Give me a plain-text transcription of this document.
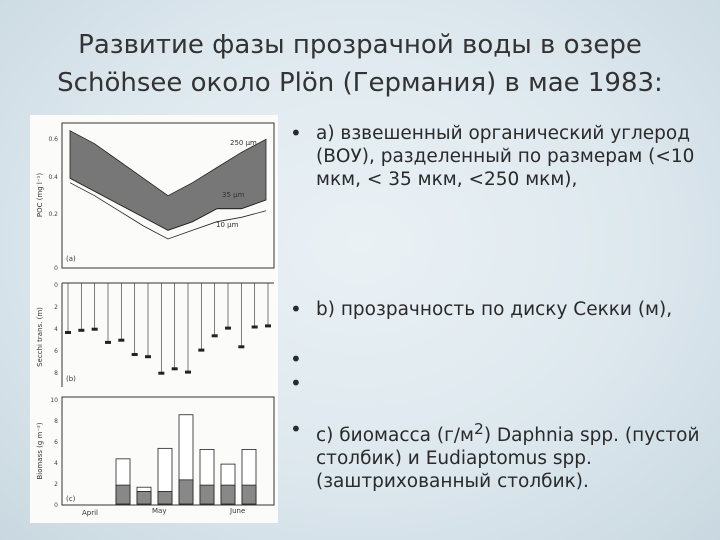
Развитие фазы прозрачной воды в озере
Schöhsee около Plön (Германия) в мае 1983:
POC (mg l⁻¹)
0.6
0.4
0.2
0
250 µm
35 µm
10 µm
(a)
Secchi trans. (m)
0
2
4
6
8
(b)
Biomass (g m⁻²)
10
8
6
4
2
0
(c)
April	May	June
• а) взвешенный органический углерод (ВОУ), разделенный по размерам (<10 мкм, < 35 мкм, <250 мкм),
• b) прозрачность по диску Секки (м),
• с) биомасса $(г/м^2)$ Daphnia spp. (пустой столбик) и Eudiaptomus spp. (заштрихованный столбик).
